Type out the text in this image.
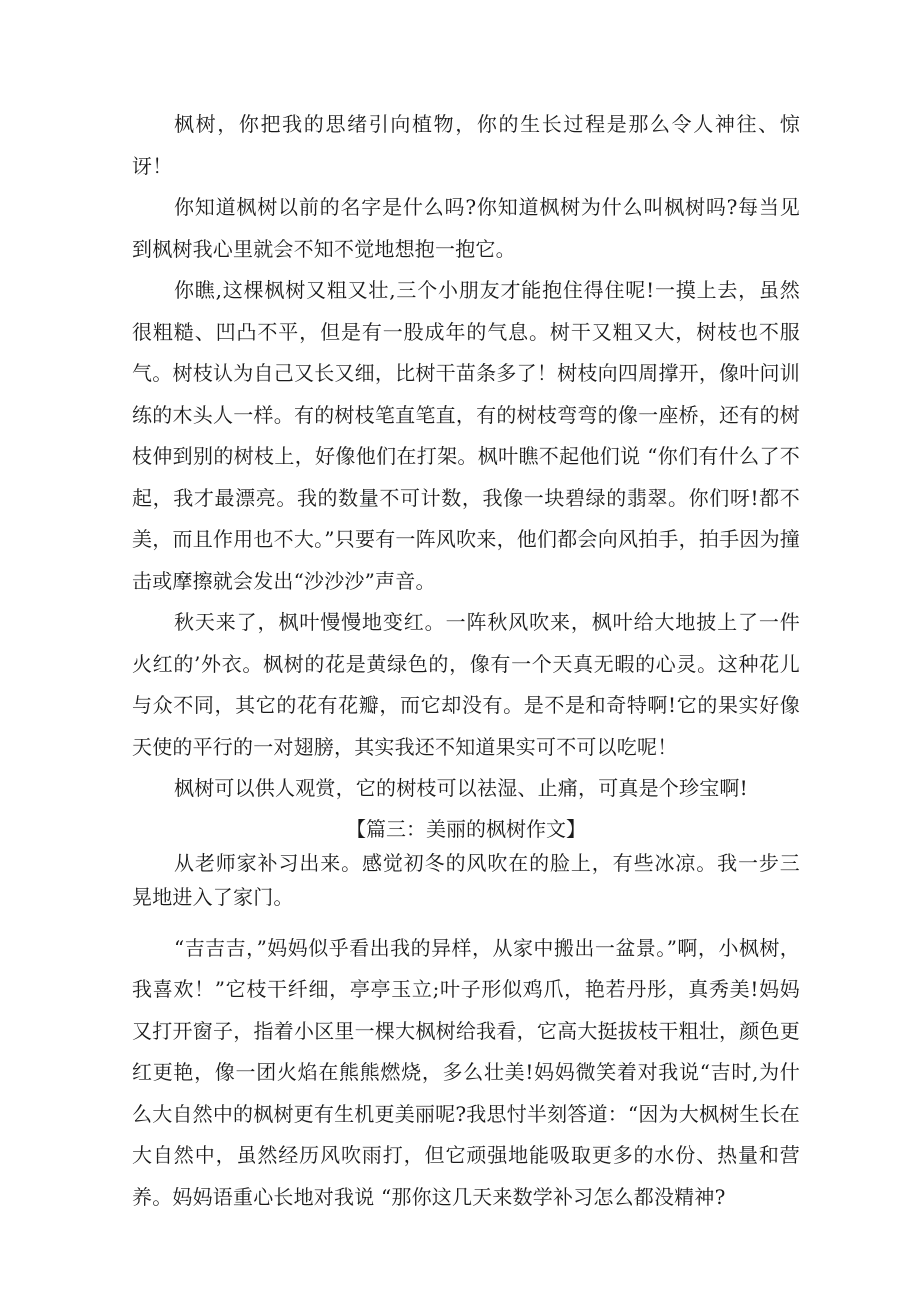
枫树，你把我的思绪引向植物，你的生长过程是那么令人神往、惊讶！

你知道枫树以前的名字是什么吗?你知道枫树为什么叫枫树吗?每当见到枫树我心里就会不知不觉地想抱一抱它。

你瞧,这棵枫树又粗又壮,三个小朋友才能抱住得住呢!一摸上去，虽然很粗糙、凹凸不平，但是有一股成年的气息。树干又粗又大，树枝也不服气。树枝认为自己又长又细，比树干苗条多了！树枝向四周撑开，像叶问训练的木头人一样。有的树枝笔直笔直，有的树枝弯弯的像一座桥，还有的树枝伸到别的树枝上，好像他们在打架。枫叶瞧不起他们说 “你们有什么了不起，我才最漂亮。我的数量不可计数，我像一块碧绿的翡翠。你们呀!都不美，而且作用也不大。”只要有一阵风吹来，他们都会向风拍手，拍手因为撞击或摩擦就会发出“沙沙沙”声音。

秋天来了，枫叶慢慢地变红。一阵秋风吹来，枫叶给大地披上了一件火红的’外衣。枫树的花是黄绿色的，像有一个天真无暇的心灵。这种花儿与众不同，其它的花有花瓣，而它却没有。是不是和奇特啊!它的果实好像天使的平行的一对翅膀，其实我还不知道果实可不可以吃呢！

枫树可以供人观赏，它的树枝可以祛湿、止痛，可真是个珍宝啊!

【篇三：美丽的枫树作文】

从老师家补习出来。感觉初冬的风吹在的脸上，有些冰凉。我一步三晃地进入了家门。

“吉吉吉，”妈妈似乎看出我的异样，从家中搬出一盆景。”啊，小枫树，我喜欢！”它枝干纤细，亭亭玉立;叶子形似鸡爪，艳若丹彤，真秀美!妈妈又打开窗子，指着小区里一棵大枫树给我看，它高大挺拔枝干粗壮，颜色更红更艳，像一团火焰在熊熊燃烧，多么壮美!妈妈微笑着对我说“吉时,为什么大自然中的枫树更有生机更美丽呢?我思忖半刻答道：“因为大枫树生长在大自然中，虽然经历风吹雨打，但它顽强地能吸取更多的水份、热量和营养。妈妈语重心长地对我说 “那你这几天来数学补习怎么都没精神?
